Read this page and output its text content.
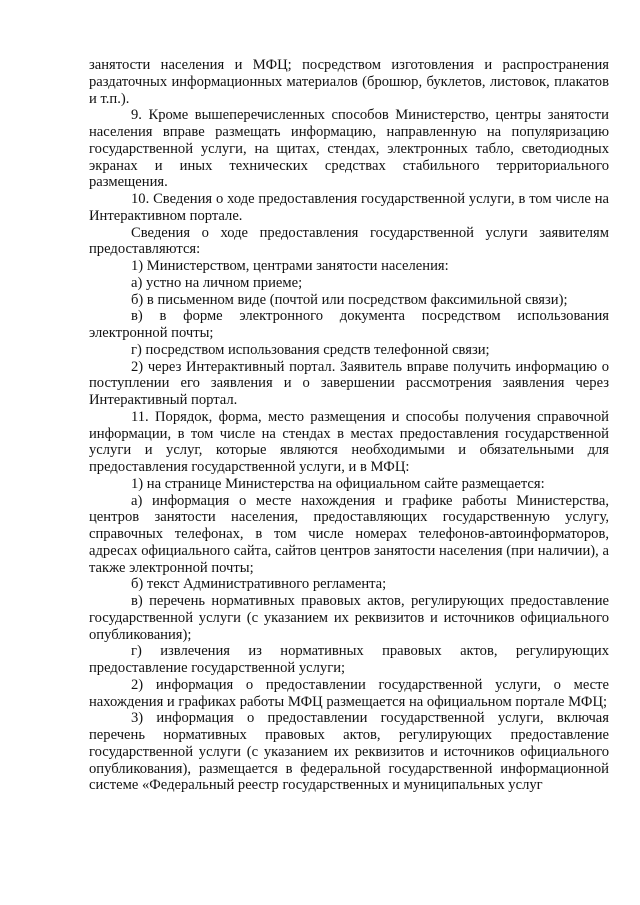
занятости населения и МФЦ; посредством изготовления и распространения раздаточных информационных материалов (брошюр, буклетов, листовок, плакатов и т.п.).

9. Кроме вышеперечисленных способов Министерство, центры занятости населения вправе размещать информацию, направленную на популяризацию государственной услуги, на щитах, стендах, электронных табло, светодиодных экранах и иных технических средствах стабильного территориального размещения.

10. Сведения о ходе предоставления государственной услуги, в том числе на Интерактивном портале.

Сведения о ходе предоставления государственной услуги заявителям предоставляются:

1) Министерством, центрами занятости населения:

а) устно на личном приеме;

б) в письменном виде (почтой или посредством факсимильной связи);

в) в форме электронного документа посредством использования электронной почты;

г) посредством использования средств телефонной связи;

2) через Интерактивный портал. Заявитель вправе получить информацию о поступлении его заявления и о завершении рассмотрения заявления через Интерактивный портал.

11. Порядок, форма, место размещения и способы получения справочной информации, в том числе на стендах в местах предоставления государственной услуги и услуг, которые являются необходимыми и обязательными для предоставления государственной услуги, и в МФЦ:

1) на странице Министерства на официальном сайте размещается:

а) информация о месте нахождения и графике работы Министерства, центров занятости населения, предоставляющих государственную услугу, справочных телефонах, в том числе номерах телефонов-автоинформаторов, адресах официального сайта, сайтов центров занятости населения (при наличии), а также электронной почты;

б) текст Административного регламента;

в) перечень нормативных правовых актов, регулирующих предоставление государственной услуги (с указанием их реквизитов и источников официального опубликования);

г) извлечения из нормативных правовых актов, регулирующих предоставление государственной услуги;

2) информация о предоставлении государственной услуги, о месте нахождения и графиках работы МФЦ размещается на официальном портале МФЦ;

3) информация о предоставлении государственной услуги, включая перечень нормативных правовых актов, регулирующих предоставление государственной услуги (с указанием их реквизитов и источников официального опубликования), размещается в федеральной государственной информационной системе «Федеральный реестр государственных и муниципальных услуг
